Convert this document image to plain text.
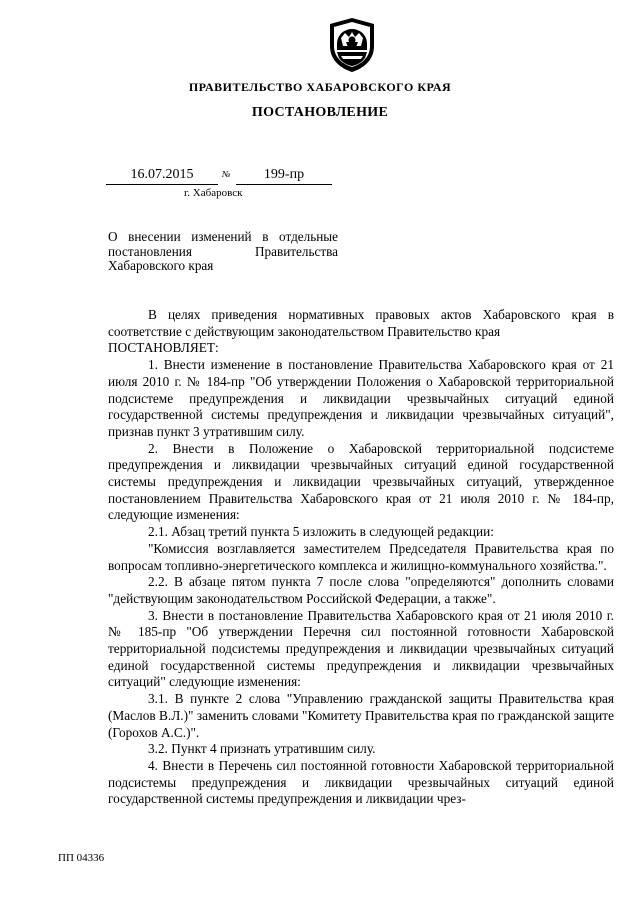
ПРАВИТЕЛЬСТВО ХАБАРОВСКОГО КРАЯ
ПОСТАНОВЛЕНИЕ
16.07.2015	№	199-пр
г. Хабаровск
О внесении изменений в отдельные постановления Правительства Хабаровского края

В целях приведения нормативных правовых актов Хабаровского края в соответствие с действующим законодательством Правительство края

ПОСТАНОВЛЯЕТ:

1. Внести изменение в постановление Правительства Хабаровского края от 21 июля 2010 г. № 184-пр "Об утверждении Положения о Хабаровской территориальной подсистеме предупреждения и ликвидации чрезвычайных ситуаций единой государственной системы предупреждения и ликвидации чрезвычайных ситуаций", признав пункт 3 утратившим силу.

2. Внести в Положение о Хабаровской территориальной подсистеме предупреждения и ликвидации чрезвычайных ситуаций единой государственной системы предупреждения и ликвидации чрезвычайных ситуаций, утвержденное постановлением Правительства Хабаровского края от 21 июля 2010 г. № 184-пр, следующие изменения:

2.1. Абзац третий пункта 5 изложить в следующей редакции:

"Комиссия возглавляется заместителем Председателя Правительства края по вопросам топливно-энергетического комплекса и жилищно-коммунального хозяйства.".

2.2. В абзаце пятом пункта 7 после слова "определяются" дополнить словами "действующим законодательством Российской Федерации, а также".

3. Внести в постановление Правительства Хабаровского края от 21 июля 2010 г. № 185-пр "Об утверждении Перечня сил постоянной готовности Хабаровской территориальной подсистемы предупреждения и ликвидации чрезвычайных ситуаций единой государственной системы предупреждения и ликвидации чрезвычайных ситуаций" следующие изменения:

3.1. В пункте 2 слова "Управлению гражданской защиты Правительства края (Маслов В.Л.)" заменить словами "Комитету Правительства края по гражданской защите (Горохов А.С.)".

3.2. Пункт 4 признать утратившим силу.

4. Внести в Перечень сил постоянной готовности Хабаровской территориальной подсистемы предупреждения и ликвидации чрезвычайных ситуаций единой государственной системы предупреждения и ликвидации чрез-

ПП 04336
